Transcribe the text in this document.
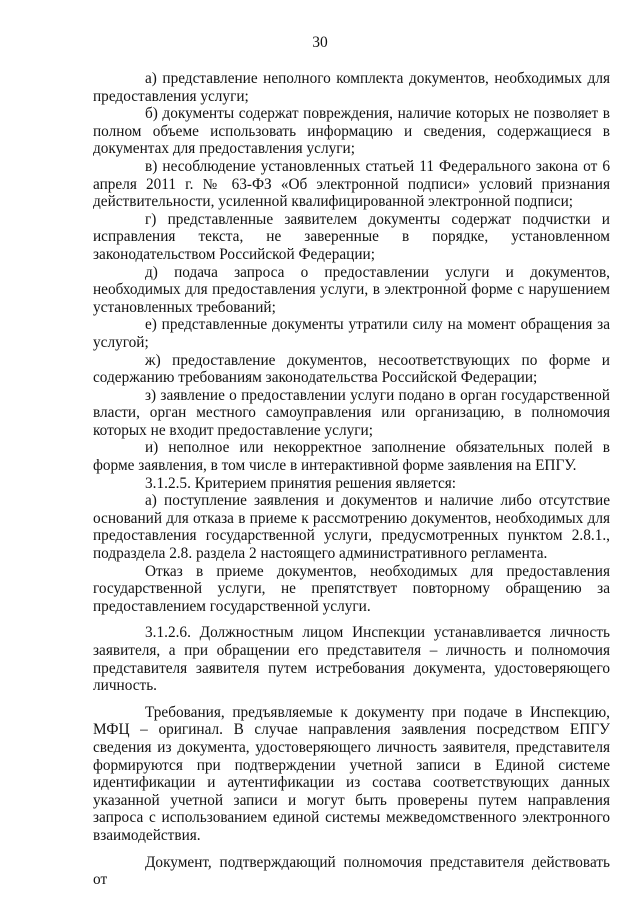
30

а) представление неполного комплекта документов, необходимых для предоставления услуги;

б) документы содержат повреждения, наличие которых не позволяет в полном объеме использовать информацию и сведения, содержащиеся в документах для предоставления услуги;

в) несоблюдение установленных статьей 11 Федерального закона от 6 апреля 2011 г. № 63-ФЗ «Об электронной подписи» условий признания действительности, усиленной квалифицированной электронной подписи;

г) представленные заявителем документы содержат подчистки и исправления текста, не заверенные в порядке, установленном законодательством Российской Федерации;

д) подача запроса о предоставлении услуги и документов, необходимых для предоставления услуги, в электронной форме с нарушением установленных требований;

е) представленные документы утратили силу на момент обращения за услугой;

ж) предоставление документов, несоответствующих по форме и содержанию требованиям законодательства Российской Федерации;

з) заявление о предоставлении услуги подано в орган государственной власти, орган местного самоуправления или организацию, в полномочия которых не входит предоставление услуги;

и) неполное или некорректное заполнение обязательных полей в форме заявления, в том числе в интерактивной форме заявления на ЕПГУ.

3.1.2.5. Критерием принятия решения является:

а) поступление заявления и документов и наличие либо отсутствие оснований для отказа в приеме к рассмотрению документов, необходимых для предоставления государственной услуги, предусмотренных пунктом 2.8.1., подраздела 2.8. раздела 2 настоящего административного регламента.

Отказ в приеме документов, необходимых для предоставления государственной услуги, не препятствует повторному обращению за предоставлением государственной услуги.

3.1.2.6. Должностным лицом Инспекции устанавливается личность заявителя, а при обращении его представителя – личность и полномочия представителя заявителя путем истребования документа, удостоверяющего личность.

Требования, предъявляемые к документу при подаче в Инспекцию, МФЦ – оригинал. В случае направления заявления посредством ЕПГУ сведения из документа, удостоверяющего личность заявителя, представителя формируются при подтверждении учетной записи в Единой системе идентификации и аутентификации из состава соответствующих данных указанной учетной записи и могут быть проверены путем направления запроса с использованием единой системы межведомственного электронного взаимодействия.

Документ, подтверждающий полномочия представителя действовать от
